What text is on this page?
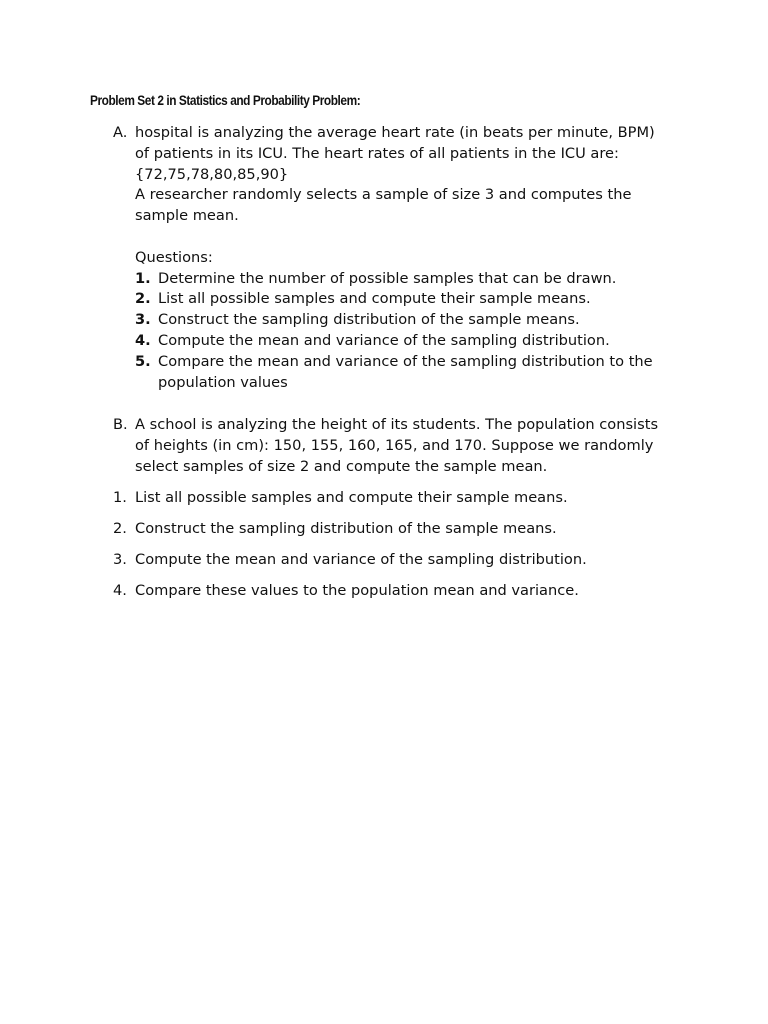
Problem Set 2 in Statistics and Probability Problem:
A. hospital is analyzing the average heart rate (in beats per minute, BPM)
of patients in its ICU. The heart rates of all patients in the ICU are:
{72,75,78,80,85,90}
A researcher randomly selects a sample of size 3 and computes the
sample mean.
Questions:
1. Determine the number of possible samples that can be drawn.
2. List all possible samples and compute their sample means.
3. Construct the sampling distribution of the sample means.
4. Compute the mean and variance of the sampling distribution.
5. Compare the mean and variance of the sampling distribution to the
population values
B. A school is analyzing the height of its students. The population consists
of heights (in cm): 150, 155, 160, 165, and 170. Suppose we randomly
select samples of size 2 and compute the sample mean.
1. List all possible samples and compute their sample means.
2. Construct the sampling distribution of the sample means.
3. Compute the mean and variance of the sampling distribution.
4. Compare these values to the population mean and variance.
